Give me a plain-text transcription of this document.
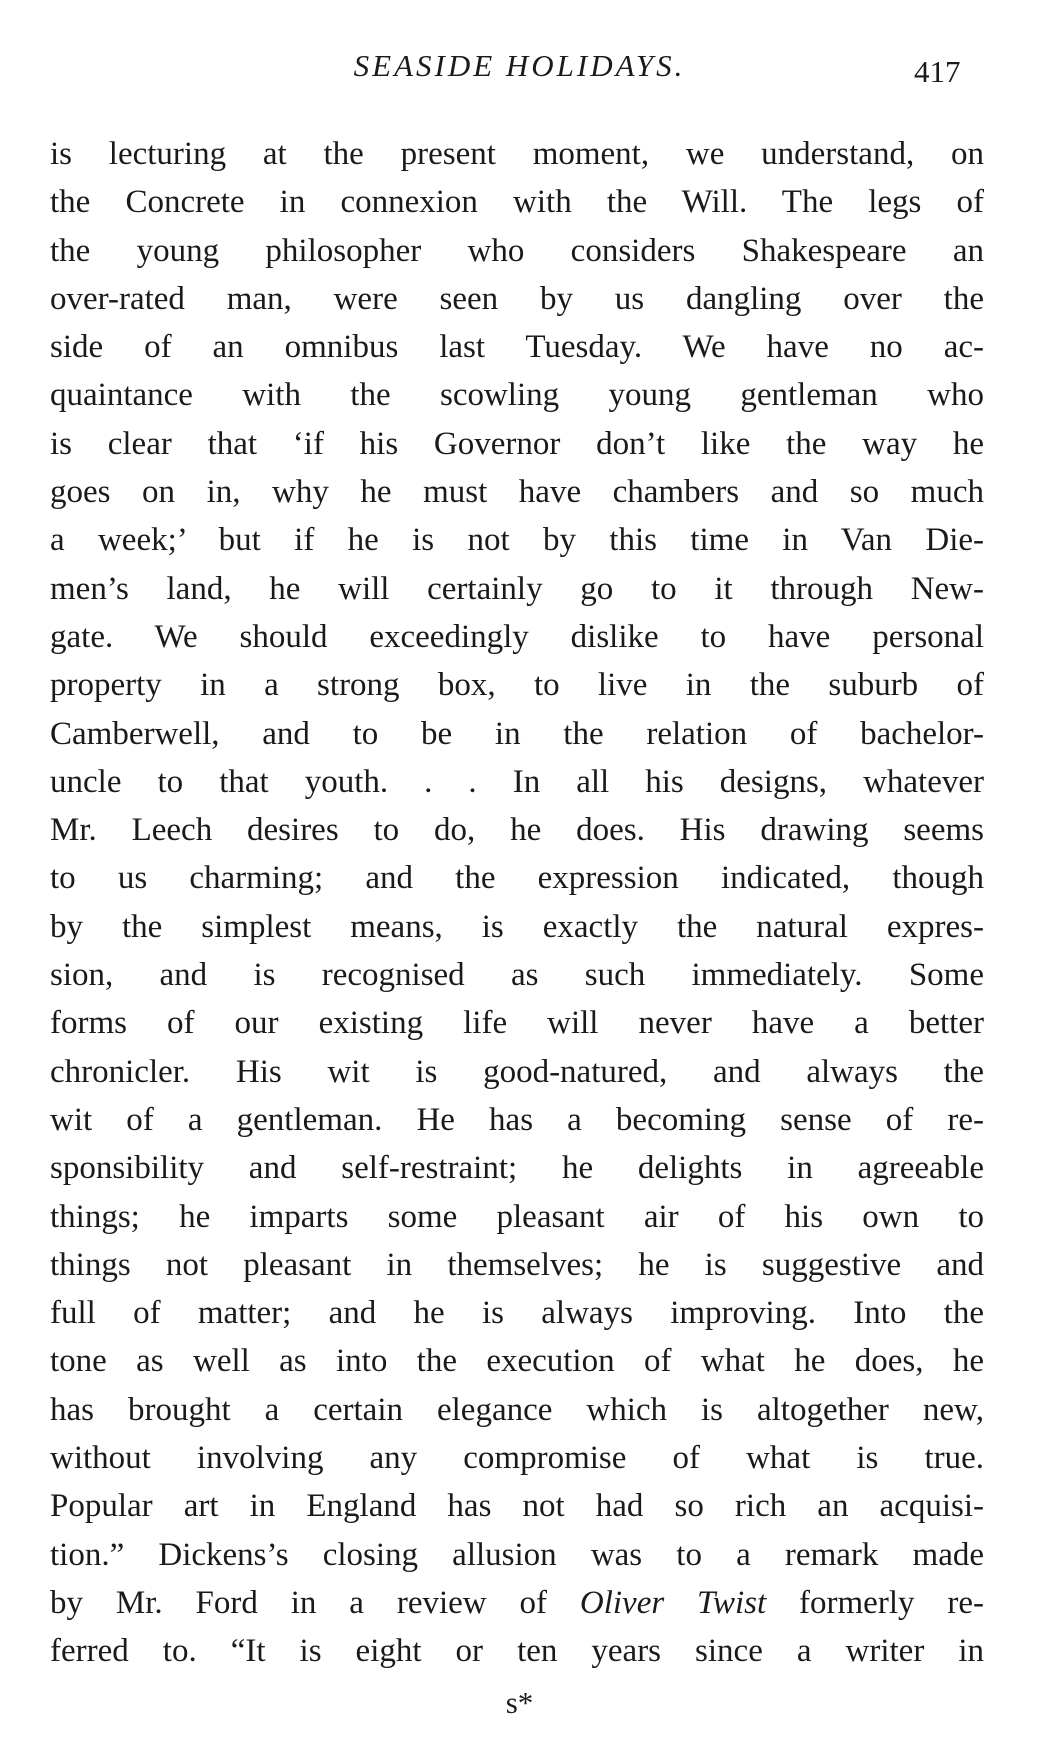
SEASIDE HOLIDAYS.	417
is lecturing at the present moment, we understand, on
the Concrete in connexion with the Will. The legs of
the young philosopher who considers Shakespeare an
over-rated man, were seen by us dangling over the
side of an omnibus last Tuesday. We have no ac-
quaintance with the scowling young gentleman who
is clear that ‘if his Governor don’t like the way he
goes on in, why he must have chambers and so much
a week;’ but if he is not by this time in Van Die-
men’s land, he will certainly go to it through New-
gate. We should exceedingly dislike to have personal
property in a strong box, to live in the suburb of
Camberwell, and to be in the relation of bachelor-
uncle to that youth. . . In all his designs, whatever
Mr. Leech desires to do, he does. His drawing seems
to us charming; and the expression indicated, though
by the simplest means, is exactly the natural expres-
sion, and is recognised as such immediately. Some
forms of our existing life will never have a better
chronicler. His wit is good-natured, and always the
wit of a gentleman. He has a becoming sense of re-
sponsibility and self-restraint; he delights in agreeable
things; he imparts some pleasant air of his own to
things not pleasant in themselves; he is suggestive and
full of matter; and he is always improving. Into the
tone as well as into the execution of what he does, he
has brought a certain elegance which is altogether new,
without involving any compromise of what is true.
Popular art in England has not had so rich an acquisi-
tion.” Dickens’s closing allusion was to a remark made
by Mr. Ford in a review of Oliver Twist formerly re-
ferred to. “It is eight or ten years since a writer in
s*
